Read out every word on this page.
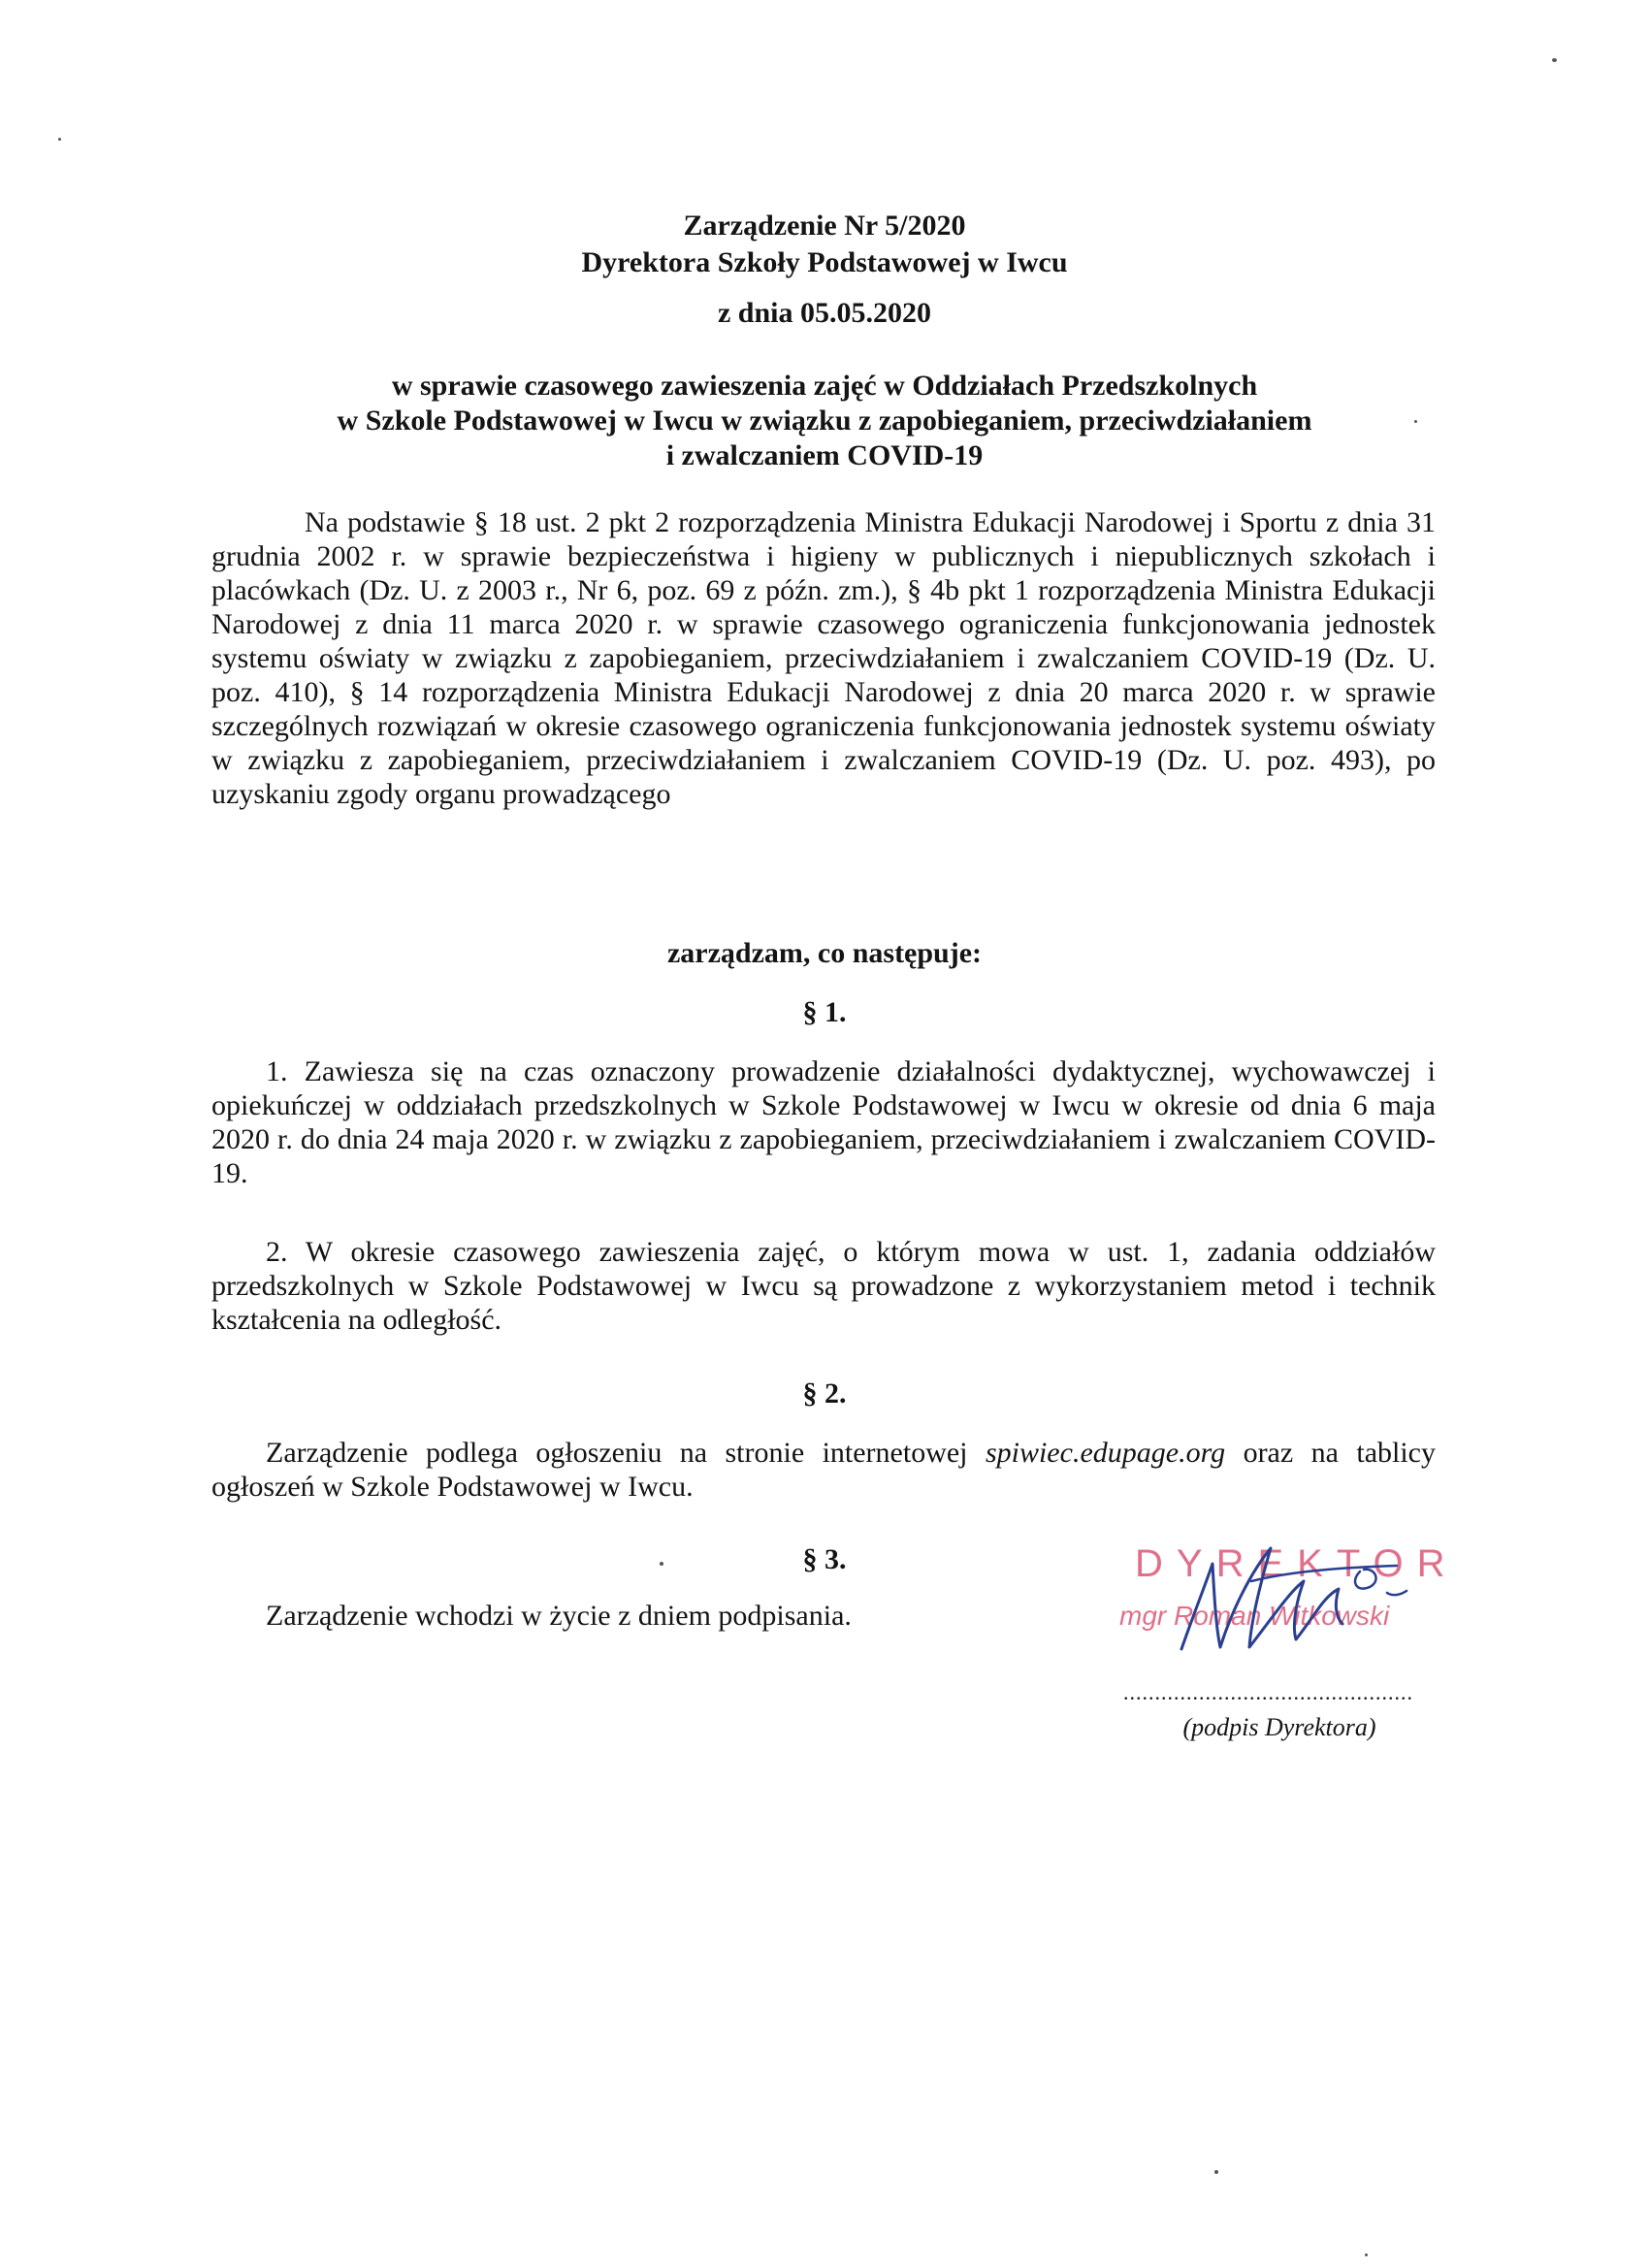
Zarządzenie Nr 5/2020
Dyrektora Szkoły Podstawowej w Iwcu
z dnia 05.05.2020
w sprawie czasowego zawieszenia zajęć w Oddziałach Przedszkolnych
w Szkole Podstawowej w Iwcu w związku z zapobieganiem, przeciwdziałaniem
i zwalczaniem COVID-19
Na podstawie § 18 ust. 2 pkt 2 rozporządzenia Ministra Edukacji Narodowej i Sportu z dnia 31 grudnia 2002 r. w sprawie bezpieczeństwa i higieny w publicznych i niepublicznych szkołach i placówkach (Dz. U. z 2003 r., Nr 6, poz. 69 z późn. zm.), § 4b pkt 1 rozporządzenia Ministra Edukacji Narodowej z dnia 11 marca 2020 r. w sprawie czasowego ograniczenia funkcjonowania jednostek systemu oświaty w związku z zapobieganiem, przeciwdziałaniem i zwalczaniem COVID-19 (Dz. U. poz. 410), § 14 rozporządzenia Ministra Edukacji Narodowej z dnia 20 marca 2020 r. w sprawie szczególnych rozwiązań w okresie czasowego ograniczenia funkcjonowania jednostek systemu oświaty w związku z zapobieganiem, przeciwdziałaniem i zwalczaniem COVID-19 (Dz. U. poz. 493), po uzyskaniu zgody organu prowadzącego
zarządzam, co następuje:
§ 1.
1. Zawiesza się na czas oznaczony prowadzenie działalności dydaktycznej, wychowawczej i opiekuńczej w oddziałach przedszkolnych w Szkole Podstawowej w Iwcu w okresie od dnia 6 maja 2020 r. do dnia 24 maja 2020 r. w związku z zapobieganiem, przeciwdziałaniem i zwalczaniem COVID-19.
2. W okresie czasowego zawieszenia zajęć, o którym mowa w ust. 1, zadania oddziałów przedszkolnych w Szkole Podstawowej w Iwcu są prowadzone z wykorzystaniem metod i technik kształcenia na odległość.
§ 2.
Zarządzenie podlega ogłoszeniu na stronie internetowej spiwiec.edupage.org oraz na tablicy ogłoszeń w Szkole Podstawowej w Iwcu.
§ 3.
Zarządzenie wchodzi w życie z dniem podpisania.
DYREKTOR
mgr Roman Witkowski
..............................................
(podpis Dyrektora)
